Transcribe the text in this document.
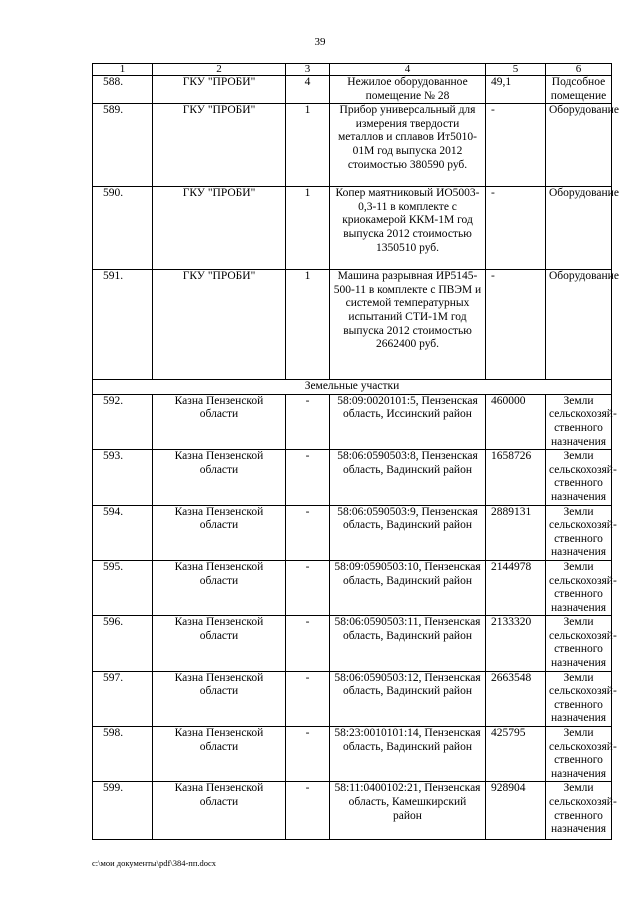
39
1	2	3	4	5	6
588.	ГКУ "ПРОБИ"	4	Нежилое оборудованное помещение № 28	49,1	Подсобное помещение
589.	ГКУ "ПРОБИ"	1	Прибор универсальный для измерения твердости металлов и сплавов Ит5010-01М год выпуска 2012 стоимостью 380590 руб.	-	Оборудование
590.	ГКУ "ПРОБИ"	1	Копер маятниковый ИО5003-0,3-11 в комплекте с криокамерой ККМ-1М год выпуска 2012 стоимостью 1350510 руб.	-	Оборудование
591.	ГКУ "ПРОБИ"	1	Машина разрывная ИР5145-500-11 в комплекте с ПВЭМ и системой температурных испытаний СТИ-1М год выпуска 2012 стоимостью 2662400 руб.	-	Оборудование
Земельные участки					
592.	Казна Пензенской области	-	58:09:0020101:5, Пензенская область, Иссинский район	460000	Земли сельскохозяй-ственного назначения
593.	Казна Пензенской области	-	58:06:0590503:8, Пензенская область, Вадинский район	1658726	Земли сельскохозяй-ственного назначения
594.	Казна Пензенской области	-	58:06:0590503:9, Пензенская область, Вадинский район	2889131	Земли сельскохозяй-ственного назначения
595.	Казна Пензенской области	-	58:09:0590503:10, Пензенская область, Вадинский район	2144978	Земли сельскохозяй-ственного назначения
596.	Казна Пензенской области	-	58:06:0590503:11, Пензенская область, Вадинский район	2133320	Земли сельскохозяй-ственного назначения
597.	Казна Пензенской области	-	58:06:0590503:12, Пензенская область, Вадинский район	2663548	Земли сельскохозяй-ственного назначения
598.	Казна Пензенской области	-	58:23:0010101:14, Пензенская область, Вадинский район	425795	Земли сельскохозяй-ственного назначения
599.	Казна Пензенской области	-	58:11:0400102:21, Пензенская область, Камешкирский район	928904	Земли сельскохозяй-ственного назначения
c:\мои документы\pdf\384-пп.docx
